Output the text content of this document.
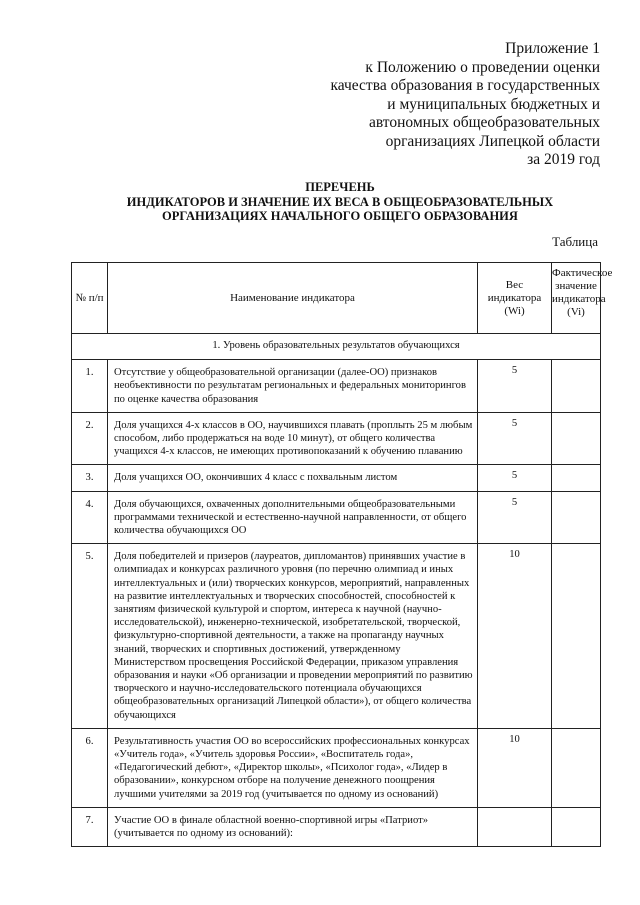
Приложение 1
к Положению о проведении оценки
качества образования в государственных
и муниципальных бюджетных и
автономных общеобразовательных
организациях Липецкой области
за 2019 год
ПЕРЕЧЕНЬ
ИНДИКАТОРОВ И ЗНАЧЕНИЕ ИХ ВЕСА В ОБЩЕОБРАЗОВАТЕЛЬНЫХ
ОРГАНИЗАЦИЯХ НАЧАЛЬНОГО ОБЩЕГО ОБРАЗОВАНИЯ
Таблица
№ п/п	Наименование индикатора	Вес индикатора (Wi)	Фактическое значение индикатора (Vi)
1. Уровень образовательных результатов обучающихся			
1.	Отсутствие у общеобразовательной организации (далее-ОО) признаков необъективности по результатам региональных и федеральных мониторингов по оценке качества образования	5	
2.	Доля учащихся 4-х классов в ОО, научившихся плавать (проплыть 25 м любым способом, либо продержаться на воде 10 минут), от общего количества учащихся 4-х классов, не имеющих противопоказаний к обучению плаванию	5	
3.	Доля учащихся ОО, окончивших 4 класс с похвальным листом	5	
4.	Доля обучающихся, охваченных дополнительными общеобразовательными программами технической и естественно-научной направленности, от общего количества обучающихся ОО	5	
5.	Доля победителей и призеров (лауреатов, дипломантов) принявших участие в олимпиадах и конкурсах различного уровня (по перечню олимпиад и иных интеллектуальных и (или) творческих конкурсов, мероприятий, направленных на развитие интеллектуальных и творческих способностей, способностей к занятиям физической культурой и спортом, интереса к научной (научно-исследовательской), инженерно-технической, изобретательской, творческой, физкультурно-спортивной деятельности, а также на пропаганду научных знаний, творческих и спортивных достижений, утвержденному Министерством просвещения Российской Федерации, приказом управления образования и науки «Об организации и проведении мероприятий по развитию творческого и научно-исследовательского потенциала обучающихся общеобразовательных организаций Липецкой области»), от общего количества обучающихся	10	
6.	Результативность участия ОО во всероссийских профессиональных конкурсах «Учитель года», «Учитель здоровья России», «Воспитатель года», «Педагогический дебют», «Директор школы», «Психолог года», «Лидер в образовании», конкурсном отборе на получение денежного поощрения лучшими учителями за 2019 год (учитывается по одному из оснований)	10	
7.	Участие ОО в финале областной военно-спортивной игры «Патриот» (учитывается по одному из оснований):		
